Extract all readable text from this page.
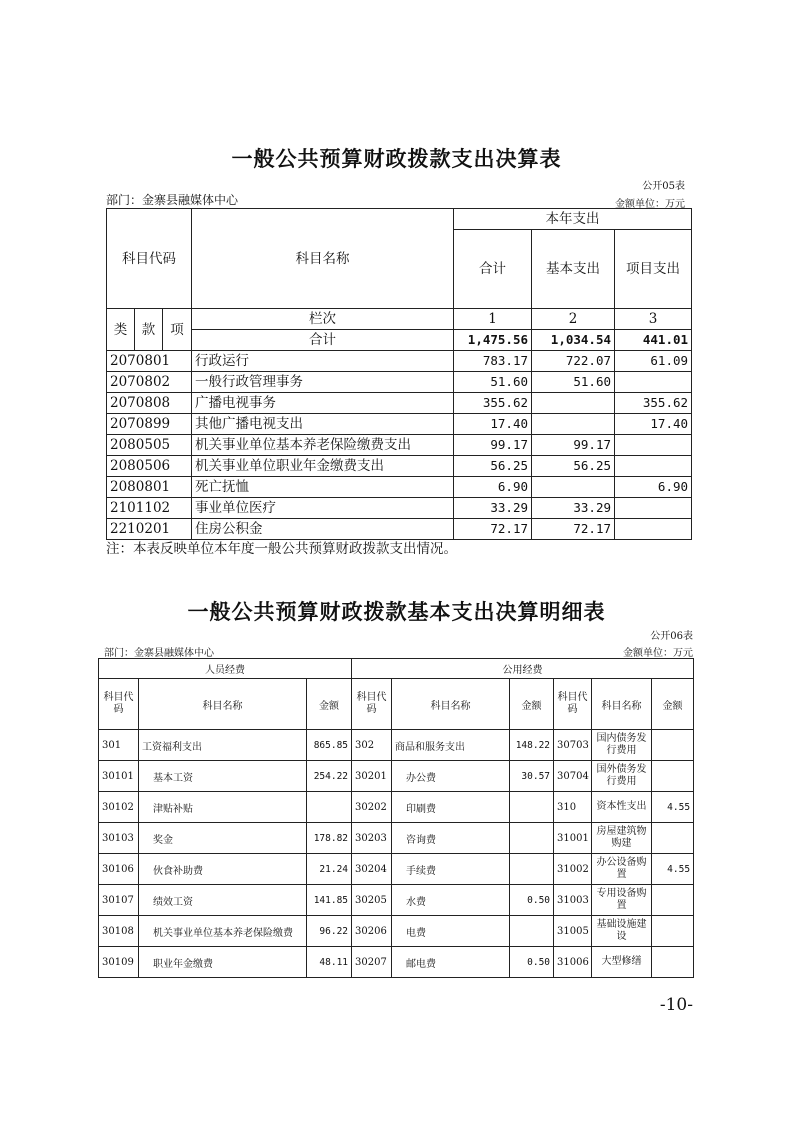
一般公共预算财政拨款支出决算表
公开05表
部门：金寨县融媒体中心	金额单位：万元
科目代码			科目名称	本年支出		
				合计	基本支出	项目支出
类	款	项	栏次	1	2	3
			合计	1,475.56	1,034.54	441.01
2070801			行政运行	783.17	722.07	61.09
2070802			一般行政管理事务	51.60	51.60	
2070808			广播电视事务	355.62		355.62
2070899			其他广播电视支出	17.40		17.40
2080505			机关事业单位基本养老保险缴费支出	99.17	99.17	
2080506			机关事业单位职业年金缴费支出	56.25	56.25	
2080801			死亡抚恤	6.90		6.90
2101102			事业单位医疗	33.29	33.29	
2210201			住房公积金	72.17	72.17	
注：本表反映单位本年度一般公共预算财政拨款支出情况。
一般公共预算财政拨款基本支出决算明细表
公开06表
部门：金寨县融媒体中心	金额单位：万元
人员经费			公用经费					
科目代码	科目名称	金额	科目代码	科目名称	金额	科目代码	科目名称	金额
301	工资福利支出	865.85	302	商品和服务支出	148.22	30703	国内债务发行费用	
30101	基本工资	254.22	30201	办公费	30.57	30704	国外债务发行费用	
30102	津贴补贴		30202	印刷费		310	资本性支出	4.55
30103	奖金	178.82	30203	咨询费		31001	房屋建筑物购建	
30106	伙食补助费	21.24	30204	手续费		31002	办公设备购置	4.55
30107	绩效工资	141.85	30205	水费	0.50	31003	专用设备购置	
30108	机关事业单位基本养老保险缴费	96.22	30206	电费		31005	基础设施建设	
30109	职业年金缴费	48.11	30207	邮电费	0.50	31006	大型修缮	
-10-
